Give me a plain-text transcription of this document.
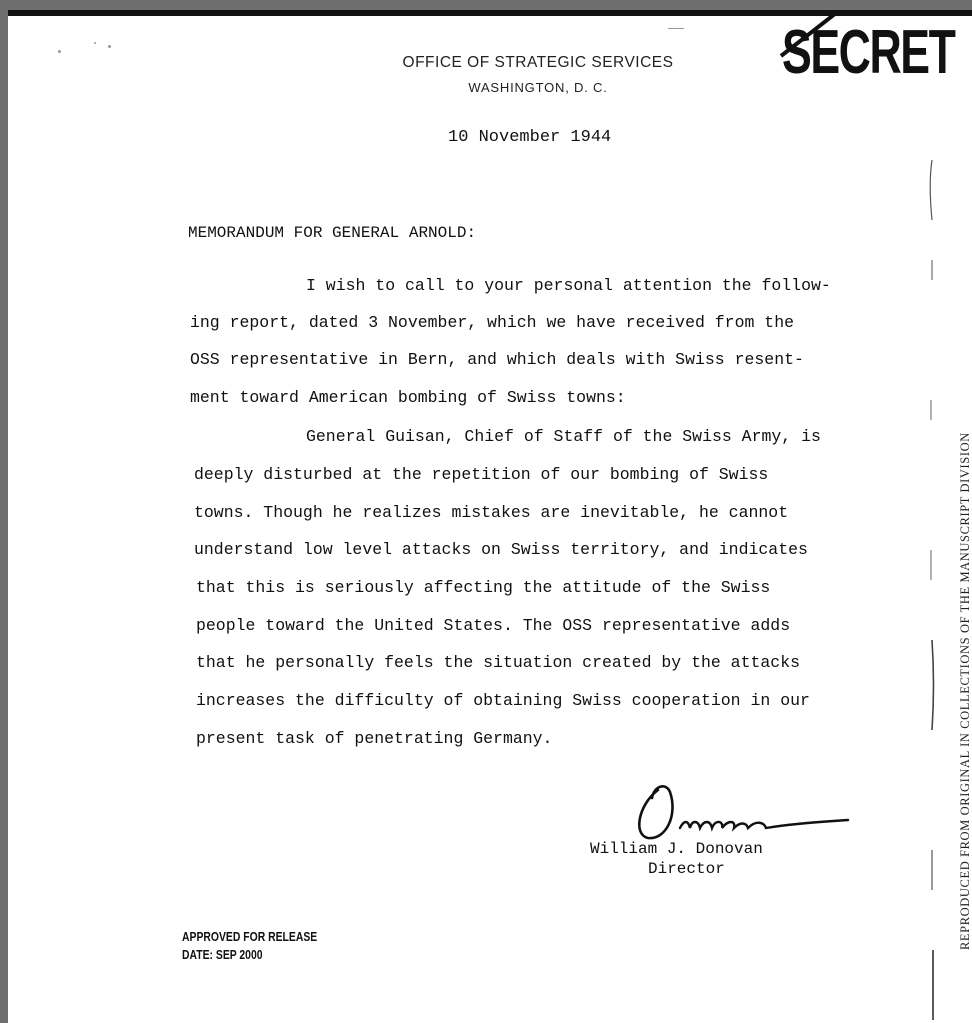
OFFICE OF STRATEGIC SERVICES
WASHINGTON, D. C.
SECRET
10 November 1944
MEMORANDUM FOR GENERAL ARNOLD:
I wish to call to your personal attention the follow-
ing report, dated 3 November, which we have received from the
OSS representative in Bern, and which deals with Swiss resent-
ment toward American bombing of Swiss towns:
General Guisan, Chief of Staff of the Swiss Army, is
deeply disturbed at the repetition of our bombing of Swiss
towns. Though he realizes mistakes are inevitable, he cannot
understand low level attacks on Swiss territory, and indicates
that this is seriously affecting the attitude of the Swiss
people toward the United States. The OSS representative adds
that he personally feels the situation created by the attacks
increases the difficulty of obtaining Swiss cooperation in our
present task of penetrating Germany.
William J. Donovan
Director
APPROVED FOR RELEASE
DATE: SEP 2000
REPRODUCED FROM ORIGINAL IN COLLECTIONS OF THE MANUSCRIPT DIVISION
